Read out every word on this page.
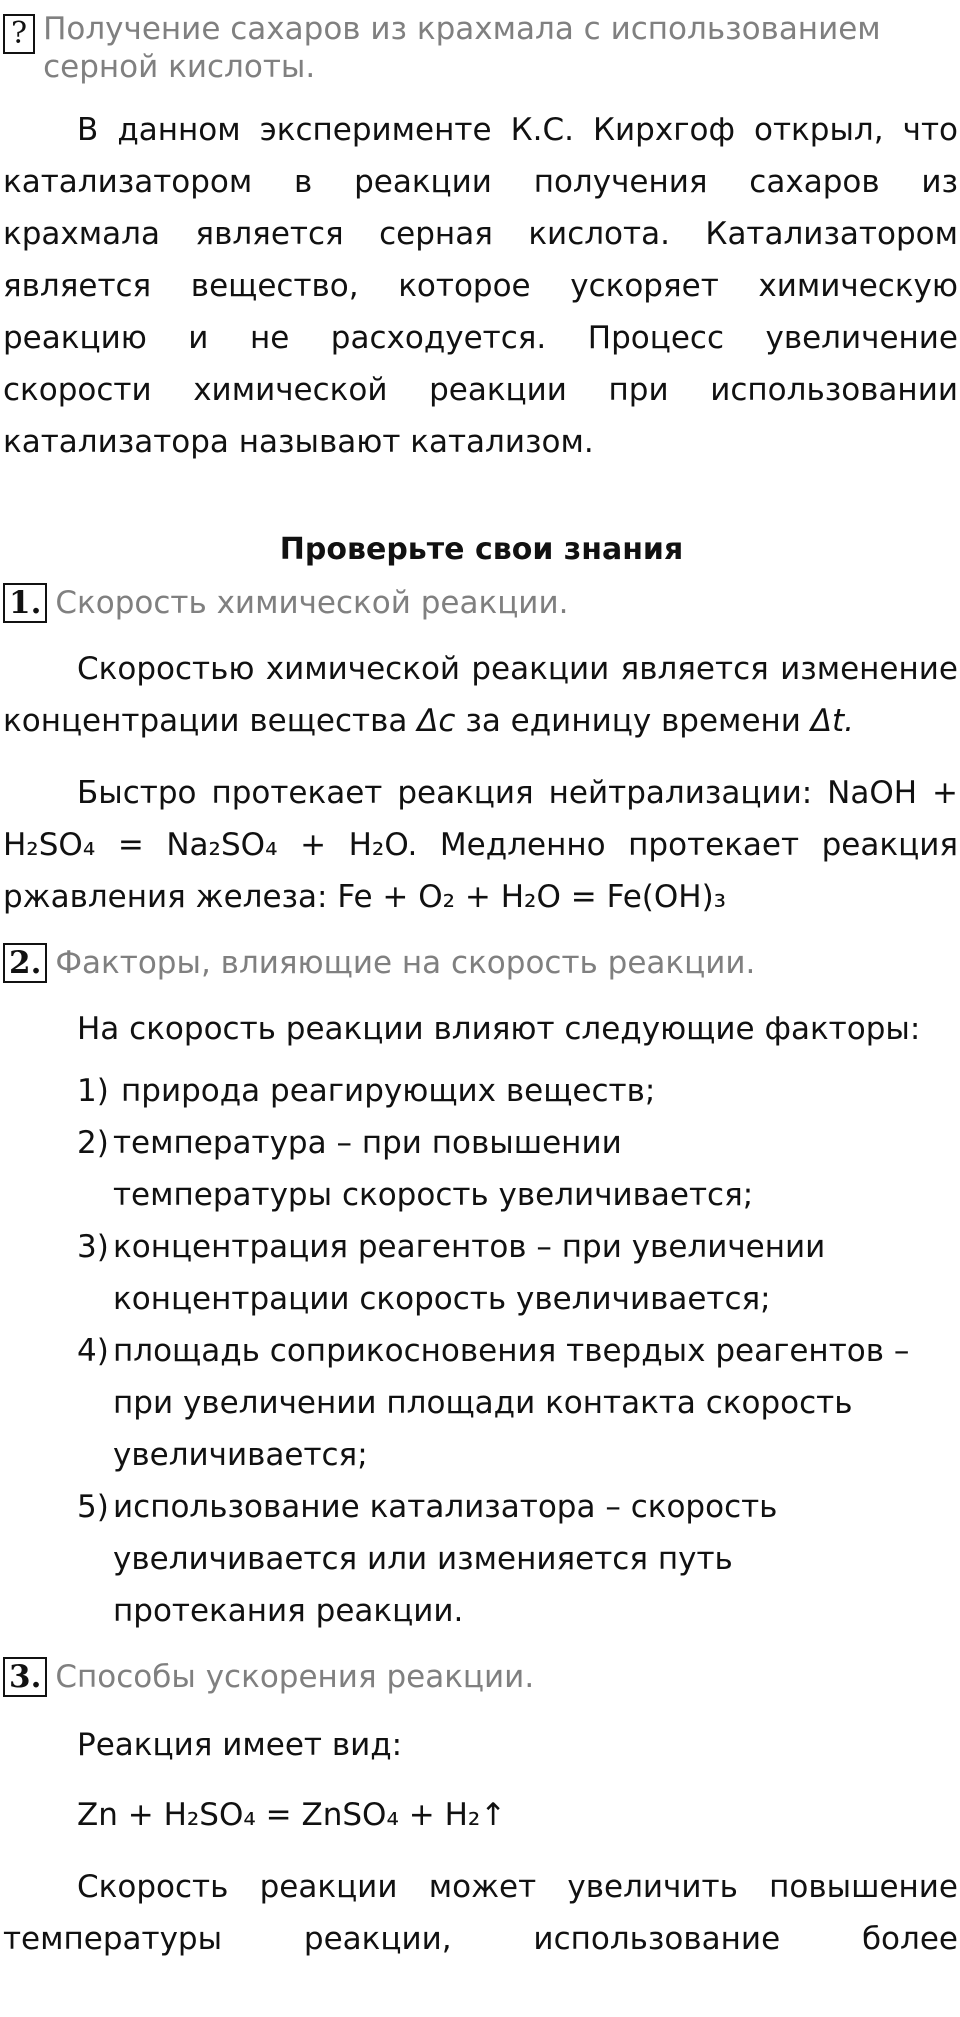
? Получение сахаров из крахмала с использованием серной кислоты.

В данном эксперименте К.С. Кирхгоф открыл, что катализатором в реакции получения сахаров из крахмала является серная кислота. Катализатором является вещество, которое ускоряет химическую реакцию и не расходуется. Процесс увеличение скорости химической реакции при использовании катализатора называют катализом.

Проверьте свои знания

1. Скорость химической реакции.

Скоростью химической реакции является изменение концентрации вещества Δc за единицу времени Δt.

Быстро протекает реакция нейтрализации: NaOH + H₂SO₄ = Na₂SO₄ + H₂O. Медленно протекает реакция ржавления железа: Fe + O₂ + H₂O = Fe(OH)₃

2. Факторы, влияющие на скорость реакции.

На скорость реакции влияют следующие факторы:

1) природа реагирующих веществ;
2) температура – при повышении температуры скорость увеличивается;
3) концентрация реагентов – при увеличении концентрации скорость увеличивается;
4) площадь соприкосновения твердых реагентов – при увеличении площади контакта скорость увеличивается;
5) использование катализатора – скорость увеличивается или изменияется путь протекания реакции.
3. Способы ускорения реакции.

Реакция имеет вид:

Zn + H₂SO₄ = ZnSO₄ + H₂↑

Скорость реакции может увеличить повышение температуры реакции, использование более
